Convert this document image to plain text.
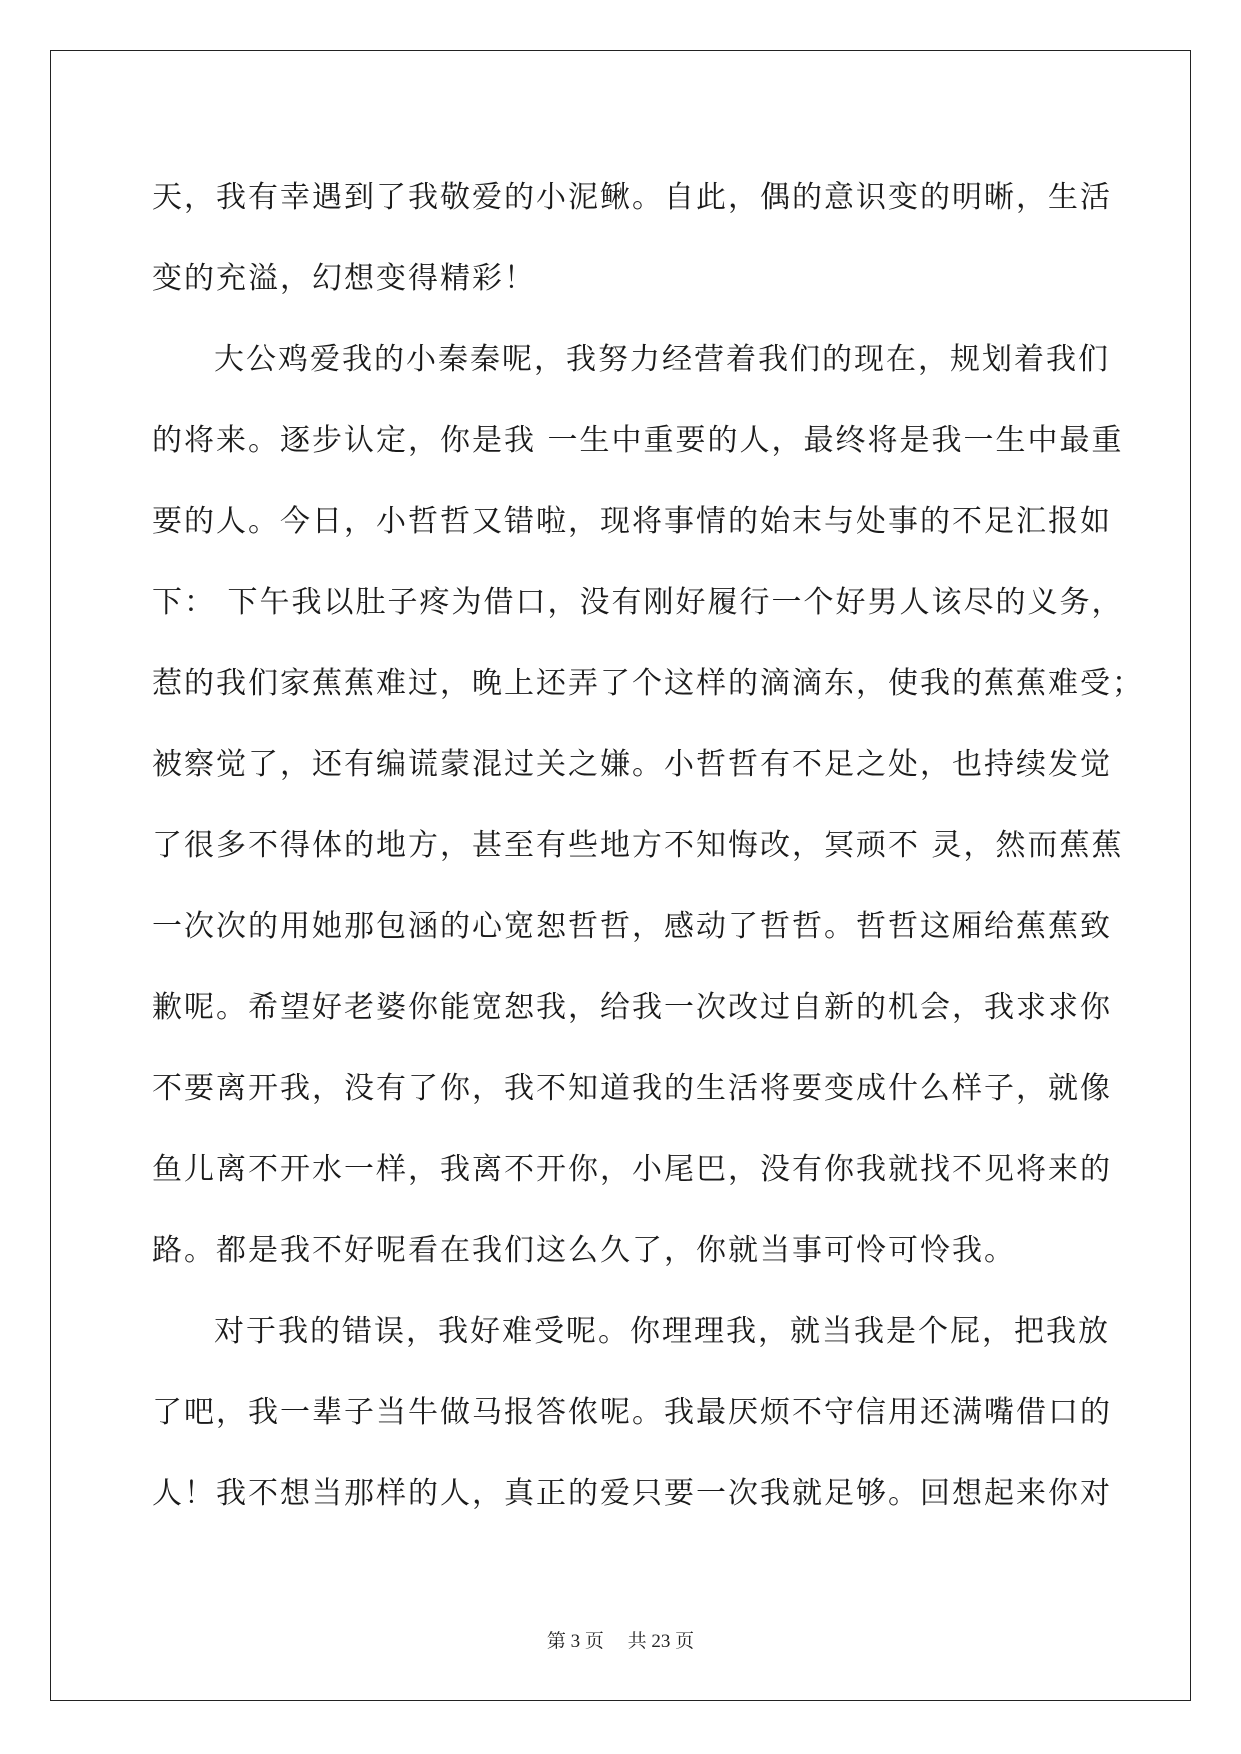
天，我有幸遇到了我敬爱的小泥鳅。自此，偶的意识变的明晰，生活
变的充溢，幻想变得精彩！
大公鸡爱我的小秦秦呢，我努力经营着我们的现在，规划着我们
的将来。逐步认定，你是我 一生中重要的人，最终将是我一生中最重
要的人。今日，小哲哲又错啦，现将事情的始末与处事的不足汇报如
下： 下午我以肚子疼为借口，没有刚好履行一个好男人该尽的义务，
惹的我们家蕉蕉难过，晚上还弄了个这样的滴滴东，使我的蕉蕉难受；
被察觉了，还有编谎蒙混过关之嫌。小哲哲有不足之处，也持续发觉
了很多不得体的地方，甚至有些地方不知悔改，冥顽不 灵，然而蕉蕉
一次次的用她那包涵的心宽恕哲哲，感动了哲哲。哲哲这厢给蕉蕉致
歉呢。希望好老婆你能宽恕我，给我一次改过自新的机会，我求求你
不要离开我，没有了你，我不知道我的生活将要变成什么样子，就像
鱼儿离不开水一样，我离不开你，小尾巴，没有你我就找不见将来的
路。都是我不好呢看在我们这么久了，你就当事可怜可怜我。
对于我的错误，我好难受呢。你理理我，就当我是个屁，把我放
了吧，我一辈子当牛做马报答侬呢。我最厌烦不守信用还满嘴借口的
人！我不想当那样的人，真正的爱只要一次我就足够。回想起来你对
第 3 页　 共 23 页
